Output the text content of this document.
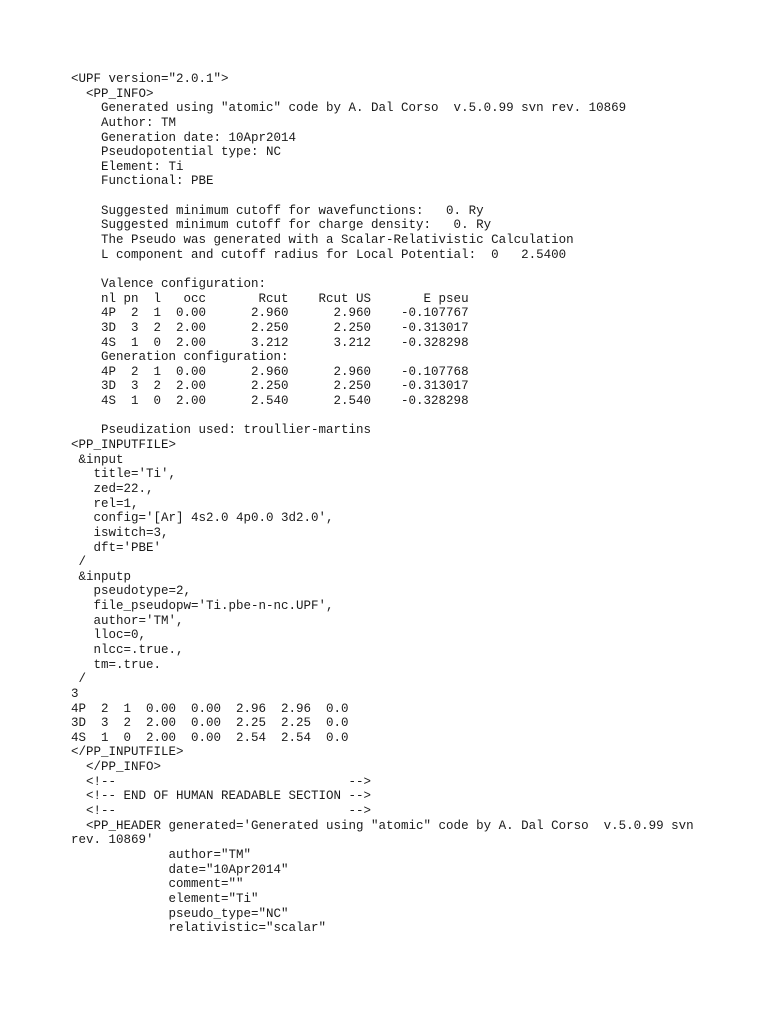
<UPF version="2.0.1">
<PP_INFO>
Generated using "atomic" code by A. Dal Corso  v.5.0.99 svn rev. 10869
Author: TM
Generation date: 10Apr2014
Pseudopotential type: NC
Element: Ti
Functional: PBE
Suggested minimum cutoff for wavefunctions:   0. Ry
Suggested minimum cutoff for charge density:   0. Ry
The Pseudo was generated with a Scalar-Relativistic Calculation
L component and cutoff radius for Local Potential:  0   2.5400
Valence configuration:
nl pn  l   occ       Rcut    Rcut US       E pseu
4P  2  1  0.00      2.960      2.960    -0.107767
3D  3  2  2.00      2.250      2.250    -0.313017
4S  1  0  2.00      3.212      3.212    -0.328298
Generation configuration:
4P  2  1  0.00      2.960      2.960    -0.107768
3D  3  2  2.00      2.250      2.250    -0.313017
4S  1  0  2.00      2.540      2.540    -0.328298
Pseudization used: troullier-martins
<PP_INPUTFILE>
&input
title='Ti',
zed=22.,
rel=1,
config='[Ar] 4s2.0 4p0.0 3d2.0',
iswitch=3,
dft='PBE'
/
&inputp
pseudotype=2,
file_pseudopw='Ti.pbe-n-nc.UPF',
author='TM',
lloc=0,
nlcc=.true.,
tm=.true.
/
3
4P  2  1  0.00  0.00  2.96  2.96  0.0
3D  3  2  2.00  0.00  2.25  2.25  0.0
4S  1  0  2.00  0.00  2.54  2.54  0.0
</PP_INPUTFILE>
</PP_INFO>
<!--                               -->
<!-- END OF HUMAN READABLE SECTION -->
<!--                               -->
<PP_HEADER generated='Generated using "atomic" code by A. Dal Corso  v.5.0.99 svn
rev. 10869'
author="TM"
date="10Apr2014"
comment=""
element="Ti"
pseudo_type="NC"
relativistic="scalar"
